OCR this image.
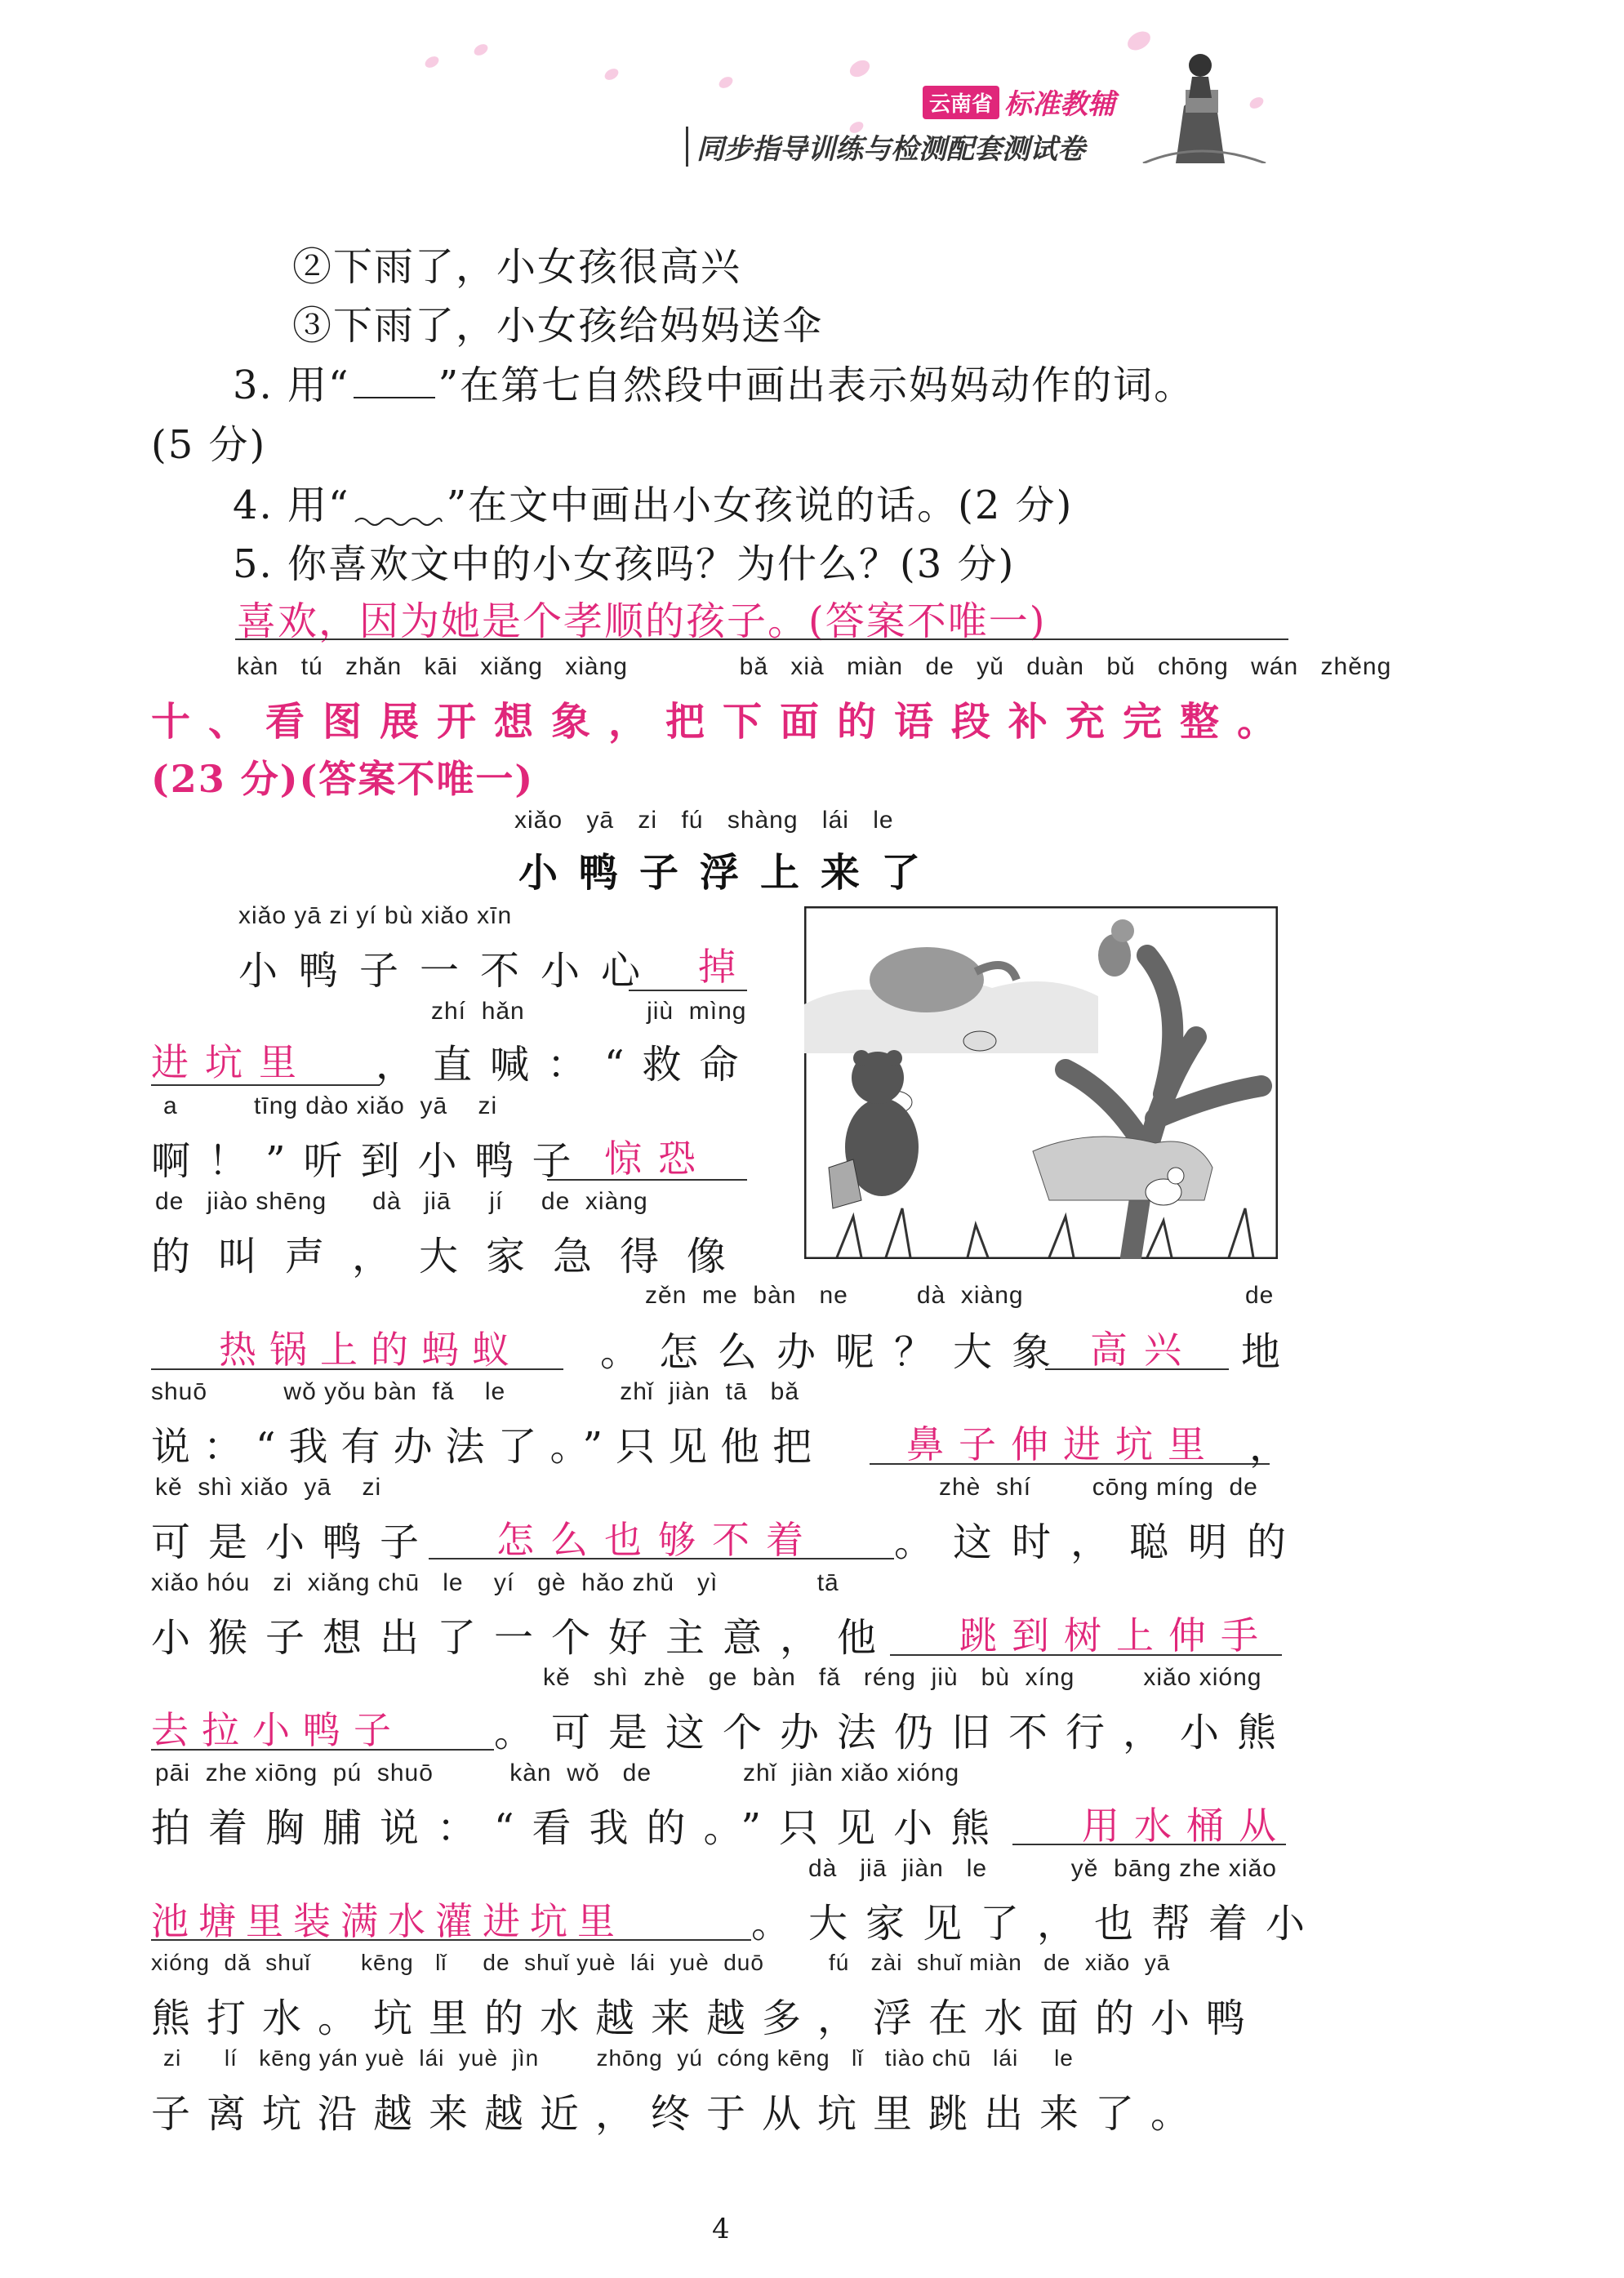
云南省 标准教辅
同步指导训练与检测配套测试卷
②下雨了，小女孩很高兴
③下雨了，小女孩给妈妈送伞
3. 用“ ”在第七自然段中画出表示妈妈动作的词。
(5 分)
4. 用“ ”在文中画出小女孩说的话。(2 分)
5. 你喜欢文中的小女孩吗？为什么？(3 分)
喜欢，因为她是个孝顺的孩子。(答案不唯一)
kàn tú zhǎn kāi xiǎng xiàng	bǎ xià miàn de yǔ duàn bǔ chōng wán zhěng
十、看图展开想象，把下面的语段补充完整。
(23 分)(答案不唯一)
xiǎo yā zi fú shàng lái le
小鸭子浮上来了
xiǎo yā zi yí bù xiǎo xīn
小鸭子一不小心 掉
zhí  hǎn                jiù  mìng
进坑里 ，直喊：“救命
a          tīng dào xiǎo  yā    zi
啊！”听到小鸭子 惊恐
de   jiào shēng      dà   jiā     jí     de  xiàng
的叫声，大家急得像
zěn  me  bàn   ne         dà  xiàng	de
热锅上的蚂蚁 。怎么办呢？大象 高兴 地
shuō          wǒ yǒu bàn  fǎ    le               zhǐ  jiàn  tā   bǎ
说：“我有办法了。”只见他把 鼻子伸进坑里 ，
kě  shì xiǎo  yā    zi	zhè  shí        cōng míng  de
可是小鸭子 怎么也够不着 。这时，聪明的
xiǎo hóu   zi  xiǎng chū   le    yí   gè  hǎo zhǔ   yì             tā
小猴子想出了一个好主意，他 跳到树上伸手
kě   shì  zhè   ge  bàn   fǎ   réng  jiù   bù  xíng         xiǎo xióng
去拉小鸭子 。可是这个办法仍旧不行，小熊
pāi  zhe xiōng  pú  shuō          kàn  wǒ   de            zhǐ  jiàn xiǎo xióng
拍着胸脯说：“看我的。”只见小熊 用水桶从
dà   jiā  jiàn   le           yě  bāng zhe xiǎo
池塘里装满水灌进坑里	。大家见了，也帮着小
xióng  dǎ  shuǐ       kēng   lǐ     de  shuǐ yuè  lái  yuè  duō         fú   zài  shuǐ miàn   de  xiǎo  yā
熊打水。坑里的水越来越多，浮在水面的小鸭
zi      lí   kēng yán yuè  lái  yuè  jìn        zhōng  yú  cóng kēng   lǐ   tiào chū   lái     le
子离坑沿越来越近，终于从坑里跳出来了。
4
